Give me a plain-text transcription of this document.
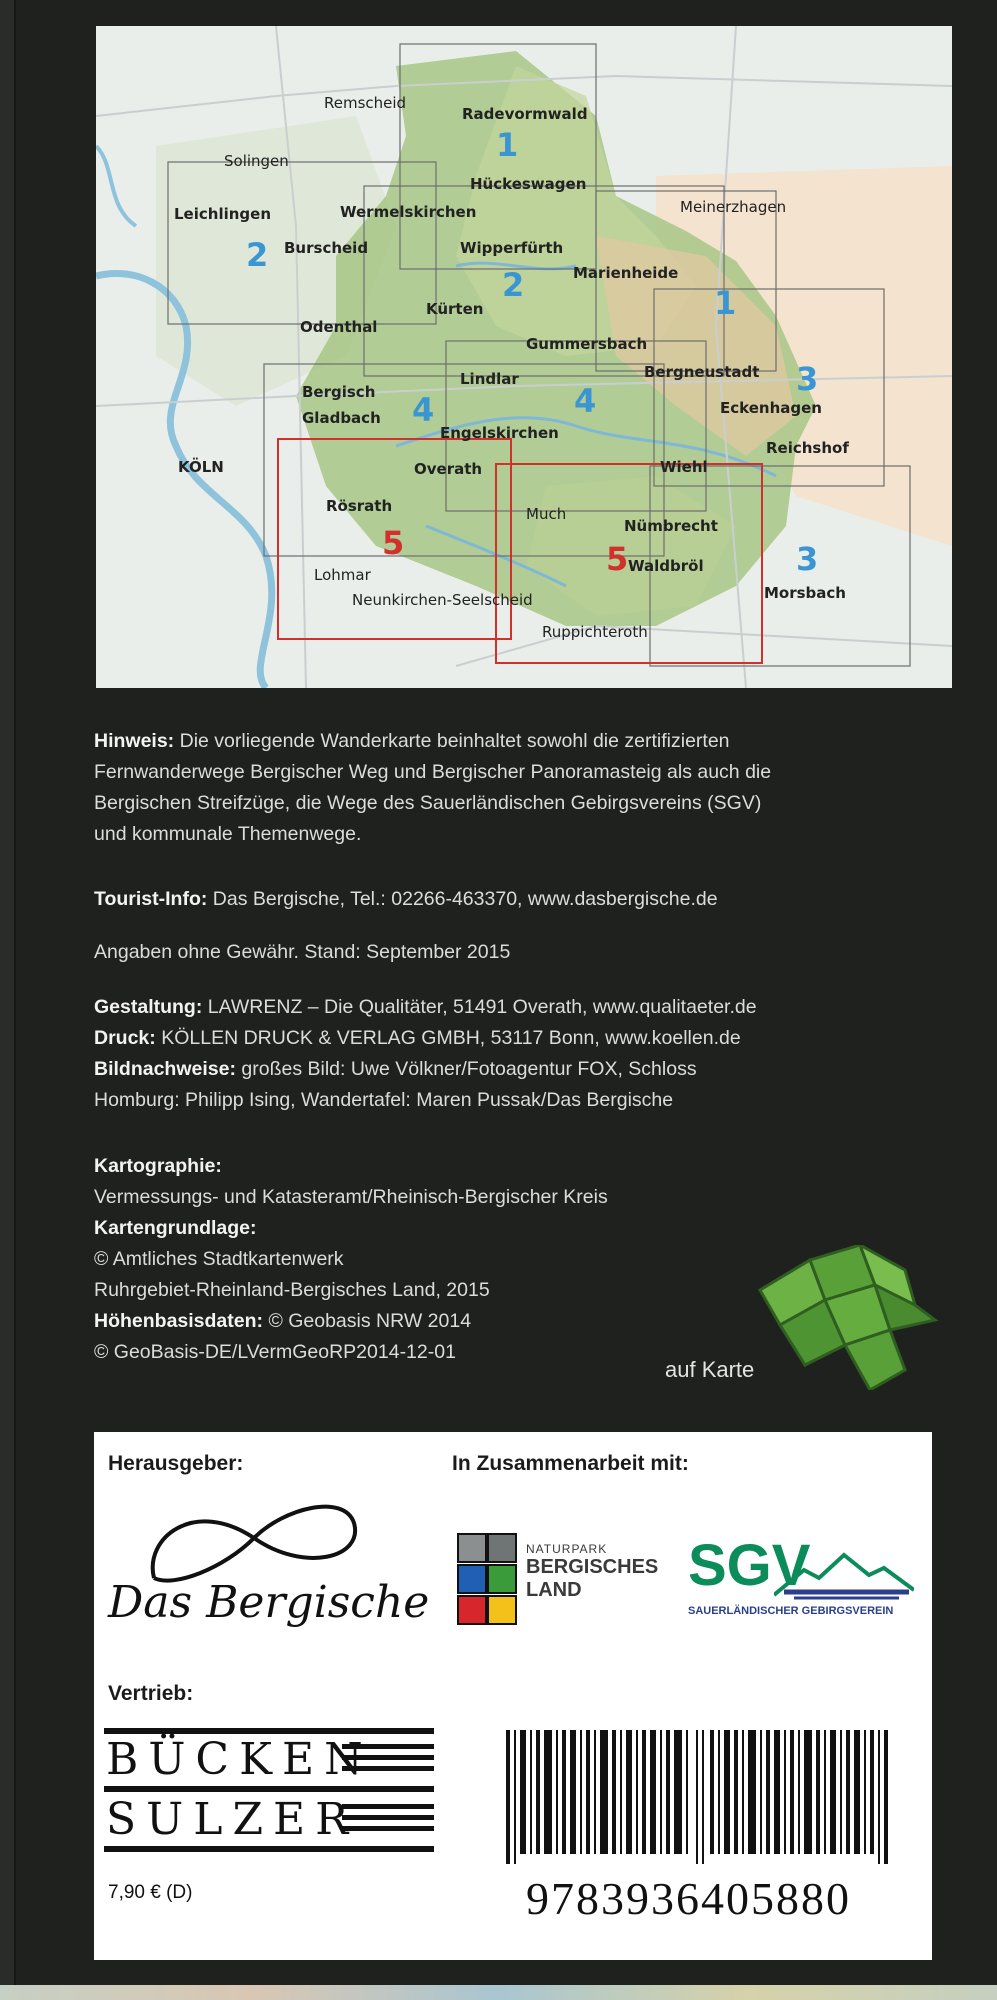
Remscheid
Radevormwald
Solingen
Hückeswagen
Leichlingen	Wermelskirchen	Meinerzhagen
Burscheid	Wipperfürth
Marienheide
Kürten
Odenthal
Gummersbach
Lindlar	Bergneustadt
Bergisch
Gladbach
Eckenhagen
Engelskirchen
Reichshof
KÖLN	Overath	Wiehl
Rösrath	Much
Nümbrecht
Lohmar	Waldbröl
Morsbach
Neunkirchen-Seelscheid
Ruppichteroth
1
2
2	1
3
4	4
5	5	3
Hinweis: Die vorliegende Wanderkarte beinhaltet sowohl die zertifizierten
Fernwanderwege Bergischer Weg und Bergischer Panoramasteig als auch die
Bergischen Streifzüge, die Wege des Sauerländischen Gebirgsvereins (SGV)
und kommunale Themenwege.
Tourist-Info: Das Bergische, Tel.: 02266-463370, www.dasbergische.de
Angaben ohne Gewähr. Stand: September 2015
Gestaltung: LAWRENZ – Die Qualitäter, 51491 Overath, www.qualitaeter.de
Druck: KÖLLEN DRUCK & VERLAG GMBH, 53117 Bonn, www.koellen.de
Bildnachweise: großes Bild: Uwe Völkner/Fotoagentur FOX, Schloss
Homburg: Philipp Ising, Wandertafel: Maren Pussak/Das Bergische
Kartographie:
Vermessungs- und Katasteramt/Rheinisch-Bergischer Kreis
Kartengrundlage:
© Amtliches Stadtkartenwerk
Ruhrgebiet-Rheinland-Bergisches Land, 2015
Höhenbasisdaten: © Geobasis NRW 2014
© GeoBasis-DE/LVermGeoRP2014-12-01
auf Karte
Herausgeber:	In Zusammenarbeit mit:
Das Bergische
NATURPARK
BERGISCHES
LAND SGV
SAUERLÄNDISCHER GEBIRGSVEREIN
Vertrieb:
BÜCKEN
SULZER
7,90 € (D)	9783936405880
